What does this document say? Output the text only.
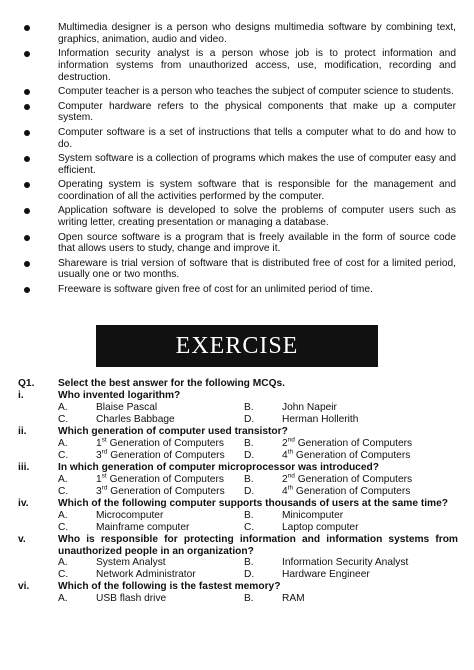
Multimedia designer is a person who designs multimedia software by combining text, graphics, animation, audio and video.
Information security analyst is a person whose job is to protect information and information systems from unauthorized access, use, modification, recording and destruction.
Computer teacher is a person who teaches the subject of computer science to students.
Computer hardware refers to the physical components that make up a computer system.
Computer software is a set of instructions that tells a computer what to do and how to do.
System software is a collection of programs which makes the use of computer easy and efficient.
Operating system is system software that is responsible for the management and coordination of all the activities performed by the computer.
Application software is developed to solve the problems of computer users such as writing letter, creating presentation or managing a database.
Open source software is a program that is freely available in the form of source code that allows users to study, change and improve it.
Shareware is trial version of software that is distributed free of cost for a limited period, usually one or two months.
Freeware is software given free of cost for an unlimited period of time.
EXERCISE
Q1. Select the best answer for the following MCQs.
i.	Who invented logarithm?
A.	Blaise Pascal	B.	John Napeir
C.	Charles Babbage	D.	Herman Hollerith
ii.	Which generation of computer used transistor?
A.	1st Generation of Computers B.	2nd Generation of Computers
C.	3rd Generation of Computers D.	4th Generation of Computers
iii.	In which generation of computer microprocessor was introduced?
A.	1st Generation of Computers B.	2nd Generation of Computers
C.	3rd Generation of Computers D.	4th Generation of Computers
iv.	Which of the following computer supports thousands of users at the same time?
A.	Microcomputer	B.	Minicomputer
C.	Mainframe computer	C.	Laptop computer
v.	Who is responsible for protecting information and information systems from unauthorized people in an organization?
A.	System Analyst	B.	Information Security Analyst
C.	Network Administrator	D.	Hardware Engineer
vi.	Which of the following is the fastest memory?
A.	USB flash drive	B.	RAM
